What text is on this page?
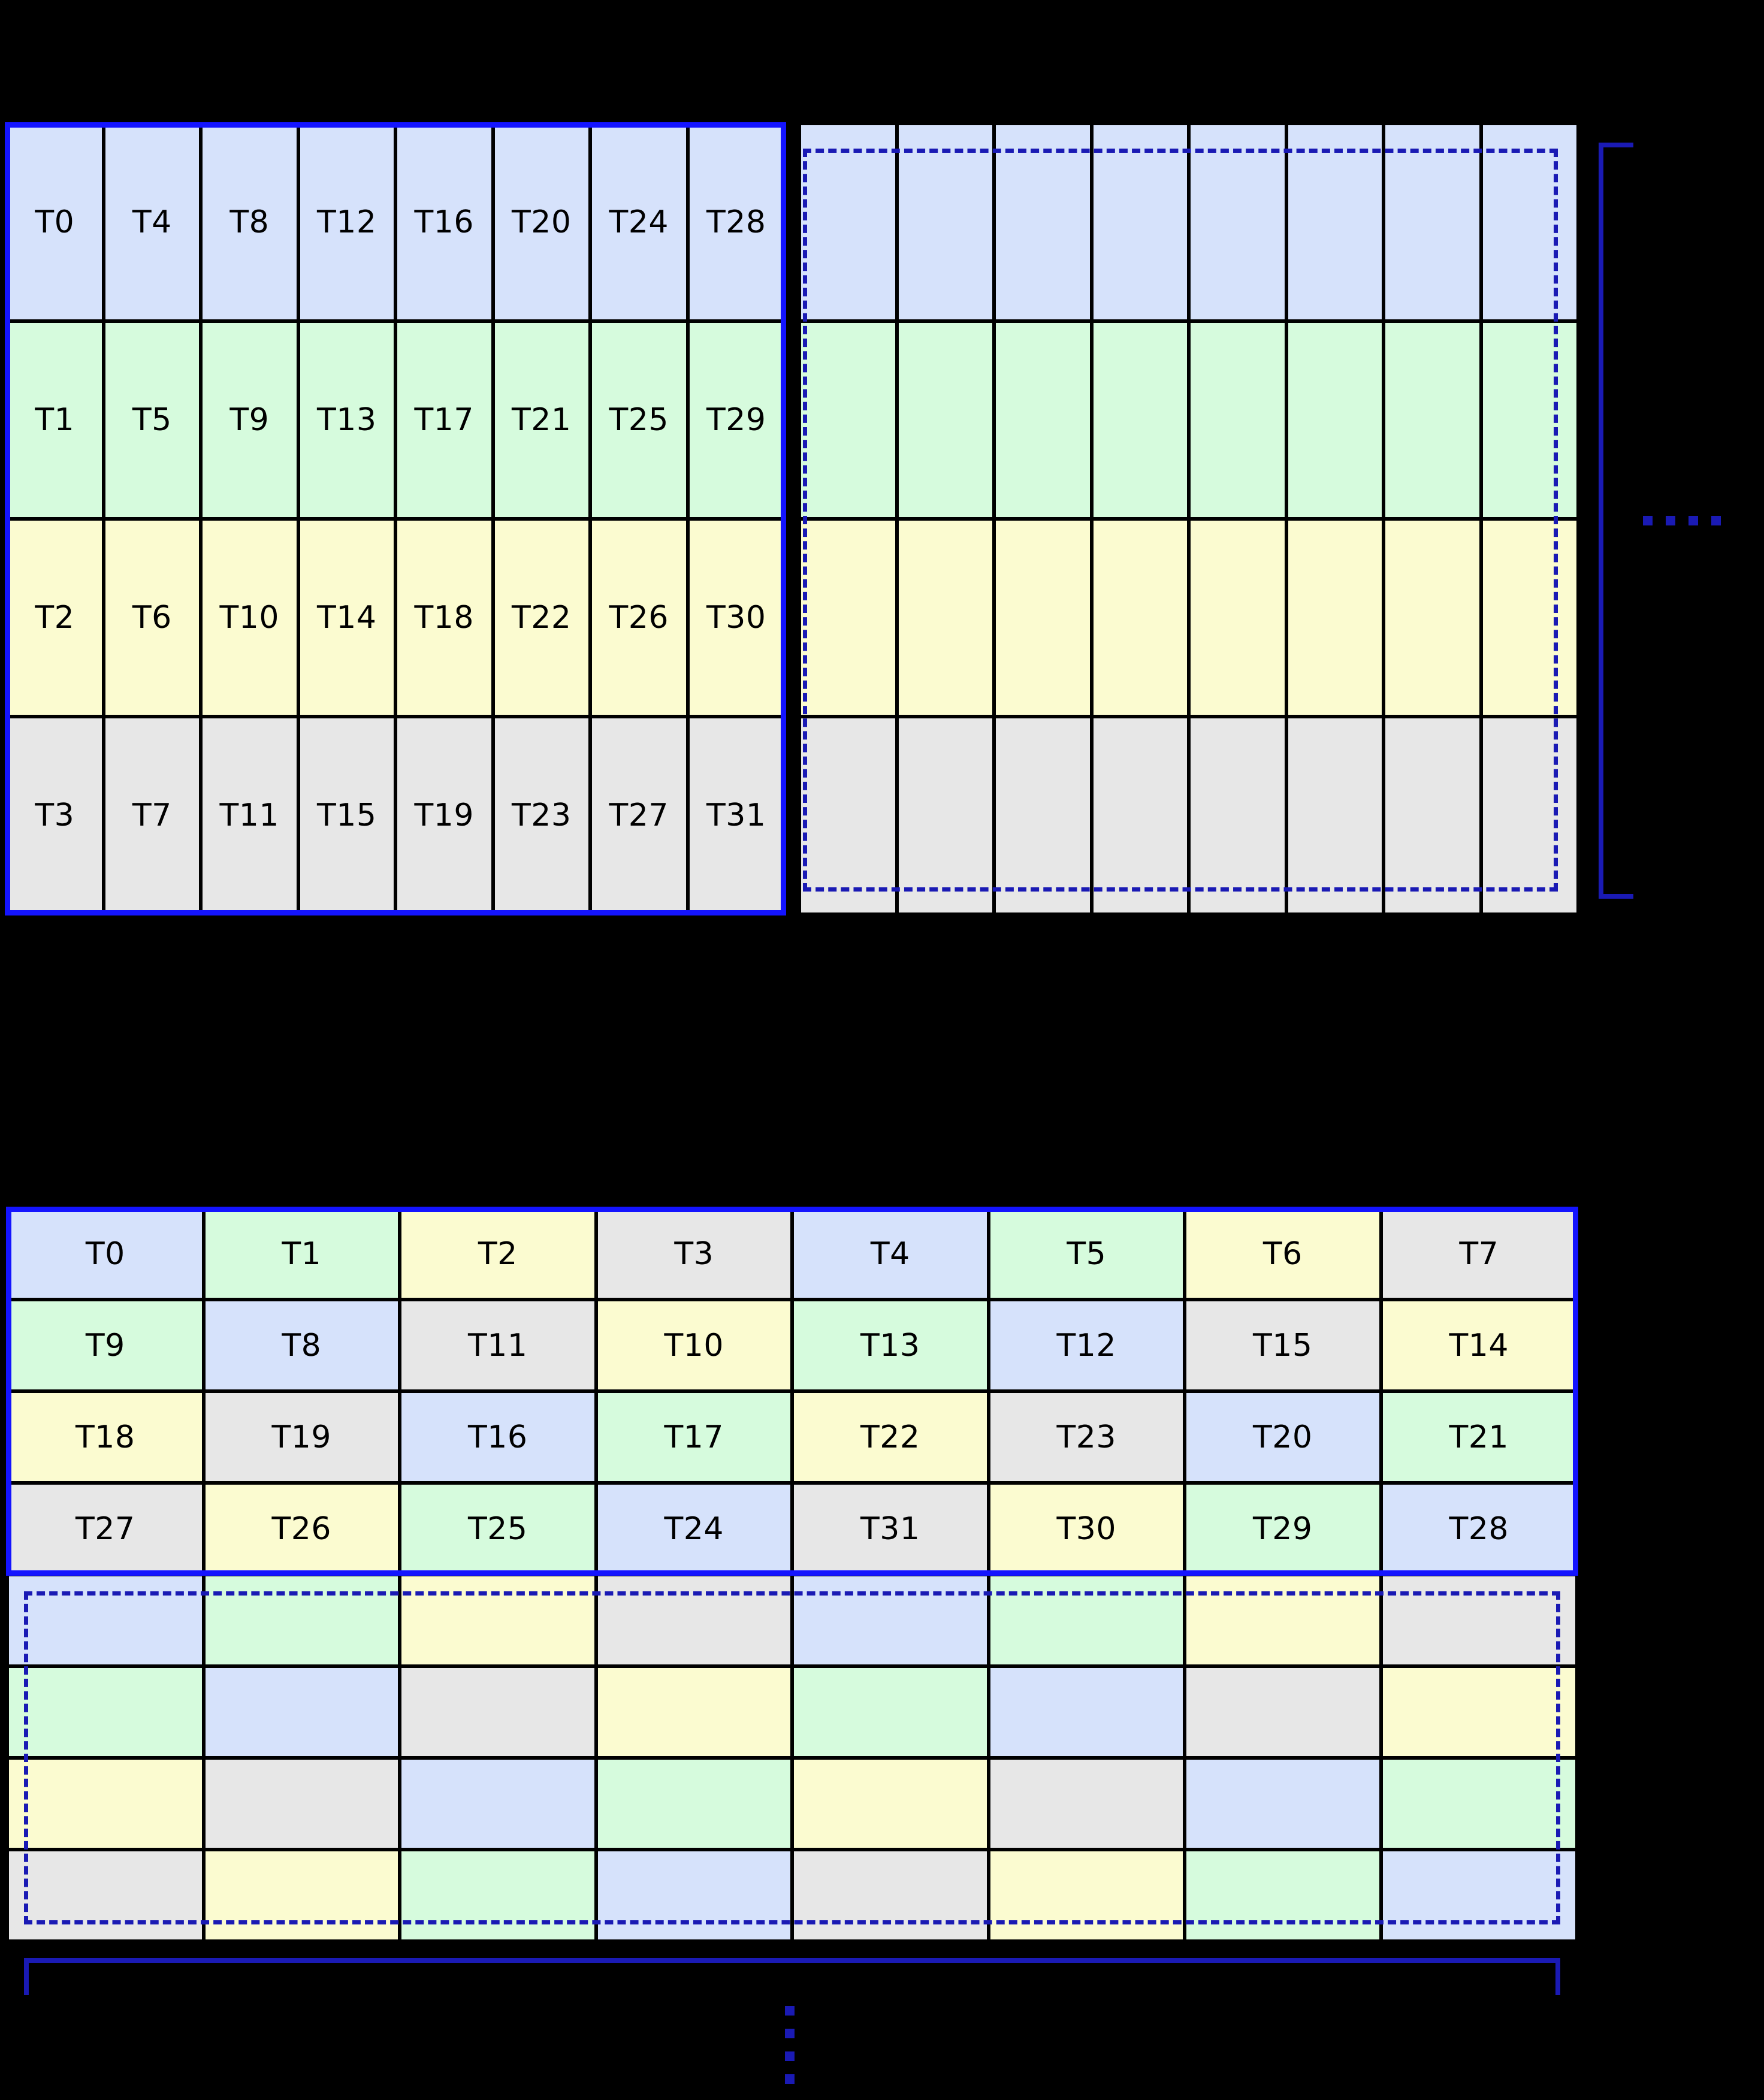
T0	T4	T8	T12	T16	T20	T24	T28
T1	T5	T9	T13	T17	T21	T25	T29
T2	T6	T10	T14	T18	T22	T26	T30
T3	T7	T11	T15	T19	T23	T27	T31
T0	T1	T2	T3	T4	T5	T6	T7
T9	T8	T11	T10	T13	T12	T15	T14
T18	T19	T16	T17	T22	T23	T20	T21
T27	T26	T25	T24	T31	T30	T29	T28
